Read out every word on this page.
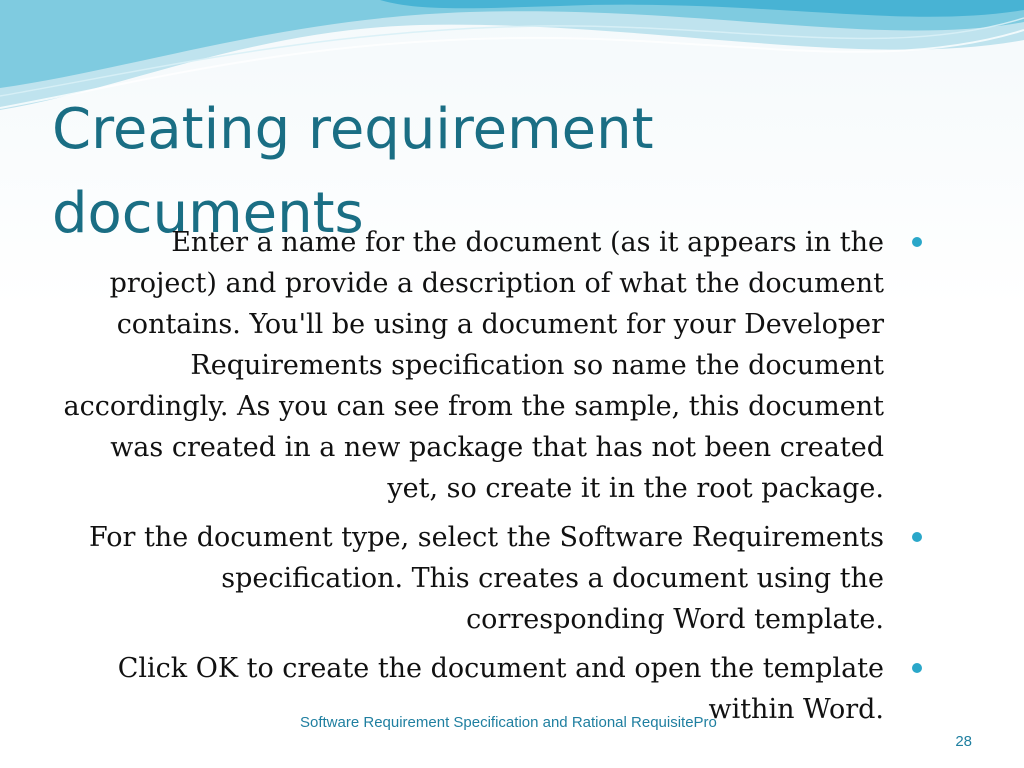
Creating requirement documents
Enter a name for the document (as it appears in the project) and provide a description of what the document contains. You'll be using a document for your Developer Requirements specification so name the document accordingly. As you can see from the sample, this document was created in a new package that has not been created yet, so create it in the root package.
For the document type, select the Software Requirements specification. This creates a document using the corresponding Word template.
Click OK to create the document and open the template within Word.
Software Requirement Specification and Rational RequisitePro
28
